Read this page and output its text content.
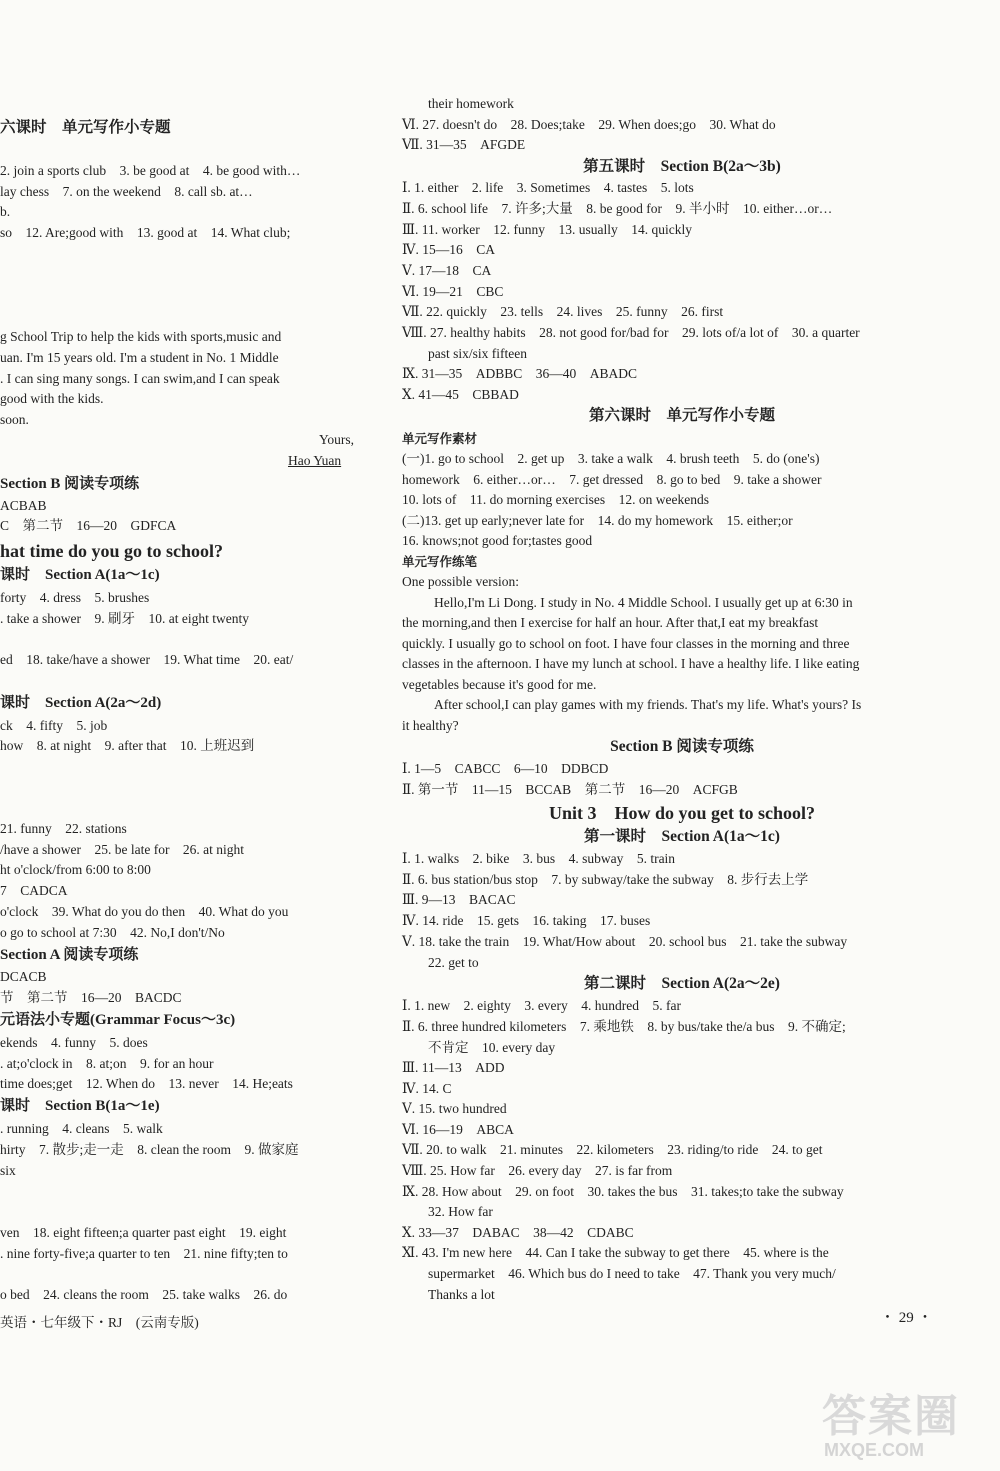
六课时　单元写作小专题
2. join a sports club　3. be good at　4. be good with…
lay chess　7. on the weekend　8. call sb. at…
b.
so　12. Are;good with　13. good at　14. What club;
g School Trip to help the kids with sports,music and
uan. I'm 15 years old. I'm a student in No. 1 Middle
. I can sing many songs. I can swim,and I can speak
good with the kids.
soon.
Section B 阅读专项练
ACBAB
C　第二节　16—20　GDFCA
hat time do you go to school?
课时　Section A(1a～1c)
forty　4. dress　5. brushes
. take a shower　9. 刷牙　10. at eight twenty
ed　18. take/have a shower　19. What time　20. eat/
课时　Section A(2a～2d)
ck　4. fifty　5. job
how　8. at night　9. after that　10. 上班迟到
21. funny　22. stations
/have a shower　25. be late for　26. at night
ht o'clock/from 6:00 to 8:00
7　CADCA
o'clock　39. What do you do then　40. What do you
o go to school at 7:30　42. No,I don't/No
Section A 阅读专项练
DCACB
节　第二节　16—20　BACDC
元语法小专题(Grammar Focus～3c)
ekends　4. funny　5. does
. at;o'clock in　8. at;on　9. for an hour
time does;get　12. When do　13. never　14. He;eats
课时　Section B(1a～1e)
. running　4. cleans　5. walk
hirty　7. 散步;走一走　8. clean the room　9. 做家庭
six
ven　18. eight fifteen;a quarter past eight　19. eight
. nine forty-five;a quarter to ten　21. nine fifty;ten to
o bed　24. cleans the room　25. take walks　26. do
their homework
Ⅵ. 27. doesn't do　28. Does;take　29. When does;go　30. What do
Ⅶ. 31—35　AFGDE
第五课时　Section B(2a～3b)
Ⅰ. 1. either　2. life　3. Sometimes　4. tastes　5. lots
Ⅱ. 6. school life　7. 许多;大量　8. be good for　9. 半小时　10. either…or…
Ⅲ. 11. worker　12. funny　13. usually　14. quickly
Ⅳ. 15—16　CA
Ⅴ. 17—18　CA
Ⅵ. 19—21　CBC
Ⅶ. 22. quickly　23. tells　24. lives　25. funny　26. first
Ⅷ. 27. healthy habits　28. not good for/bad for　29. lots of/a lot of　30. a quarter
past six/six fifteen
Ⅸ. 31—35　ADBBC　36—40　ABADC
Ⅹ. 41—45　CBBAD
第六课时　单元写作小专题
单元写作素材
(一)1. go to school　2. get up　3. take a walk　4. brush teeth　5. do (one's)
homework　6. either…or…　7. get dressed　8. go to bed　9. take a shower
10. lots of　11. do morning exercises　12. on weekends
(二)13. get up early;never late for　14. do my homework　15. either;or
16. knows;not good for;tastes good
单元写作练笔
One possible version:
Hello,I'm Li Dong. I study in No. 4 Middle School. I usually get up at 6:30 in
the morning,and then I exercise for half an hour. After that,I eat my breakfast
quickly. I usually go to school on foot. I have four classes in the morning and three
classes in the afternoon. I have my lunch at school. I have a healthy life. I like eating
vegetables because it's good for me.
After school,I can play games with my friends. That's my life. What's yours? Is
it healthy?
Section B 阅读专项练
Ⅰ. 1—5　CABCC　6—10　DDBCD
Ⅱ. 第一节　11—15　BCCAB　第二节　16—20　ACFGB
Unit 3　How do you get to school?
第一课时　Section A(1a～1c)
Ⅰ. 1. walks　2. bike　3. bus　4. subway　5. train
Ⅱ. 6. bus station/bus stop　7. by subway/take the subway　8. 步行去上学
Ⅲ. 9—13　BACAC
Ⅳ. 14. ride　15. gets　16. taking　17. buses
Ⅴ. 18. take the train　19. What/How about　20. school bus　21. take the subway
22. get to
第二课时　Section A(2a～2e)
Ⅰ. 1. new　2. eighty　3. every　4. hundred　5. far
Ⅱ. 6. three hundred kilometers　7. 乘地铁　8. by bus/take the/a bus　9. 不确定;
不肯定　10. every day
Ⅲ. 11—13　ADD
Ⅳ. 14. C
Ⅴ. 15. two hundred
Ⅵ. 16—19　ABCA
Ⅶ. 20. to walk　21. minutes　22. kilometers　23. riding/to ride　24. to get
Ⅷ. 25. How far　26. every day　27. is far from
Ⅸ. 28. How about　29. on foot　30. takes the bus　31. takes;to take the subway
32. How far
Ⅹ. 33—37　DABAC　38—42　CDABC
Ⅺ. 43. I'm new here　44. Can I take the subway to get there　45. where is the
supermarket　46. Which bus do I need to take　47. Thank you very much/
Thanks a lot
Yours,
Hao Yuan
英语・七年级下・RJ　(云南专版)	・ 29 ・
答案圈
MXQE.COM
